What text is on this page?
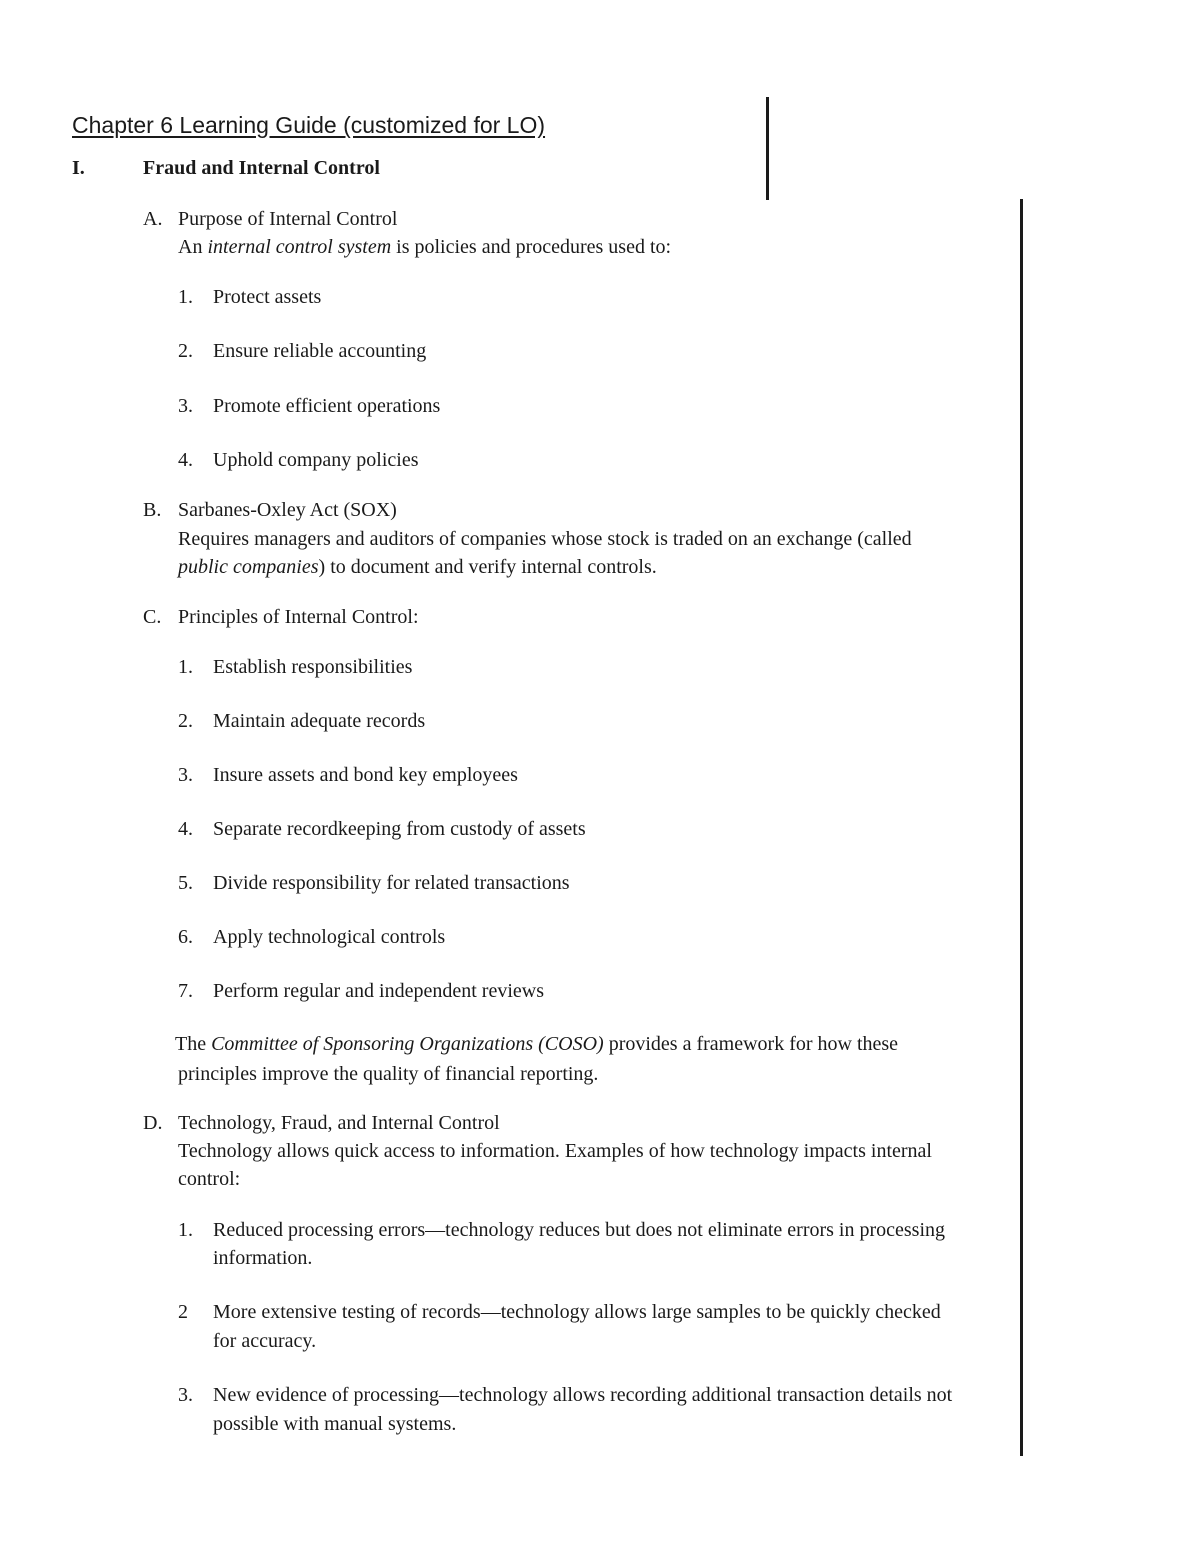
Chapter 6 Learning Guide (customized for LO)
I.	Fraud and Internal Control
A. Purpose of Internal Control
An internal control system is policies and procedures used to:
1. Protect assets
2. Ensure reliable accounting
3. Promote efficient operations
4. Uphold company policies
B. Sarbanes-Oxley Act (SOX)
Requires managers and auditors of companies whose stock is traded on an exchange (called
public companies) to document and verify internal controls.
C. Principles of Internal Control:
1. Establish responsibilities
2. Maintain adequate records
3. Insure assets and bond key employees
4. Separate recordkeeping from custody of assets
5. Divide responsibility for related transactions
6. Apply technological controls
7. Perform regular and independent reviews
The Committee of Sponsoring Organizations (COSO) provides a framework for how these
principles improve the quality of financial reporting.
D. Technology, Fraud, and Internal Control
Technology allows quick access to information. Examples of how technology impacts internal
control:
1. Reduced processing errors—technology reduces but does not eliminate errors in processing
information.
2 More extensive testing of records—technology allows large samples to be quickly checked
for accuracy.
3. New evidence of processing—technology allows recording additional transaction details not
possible with manual systems.
